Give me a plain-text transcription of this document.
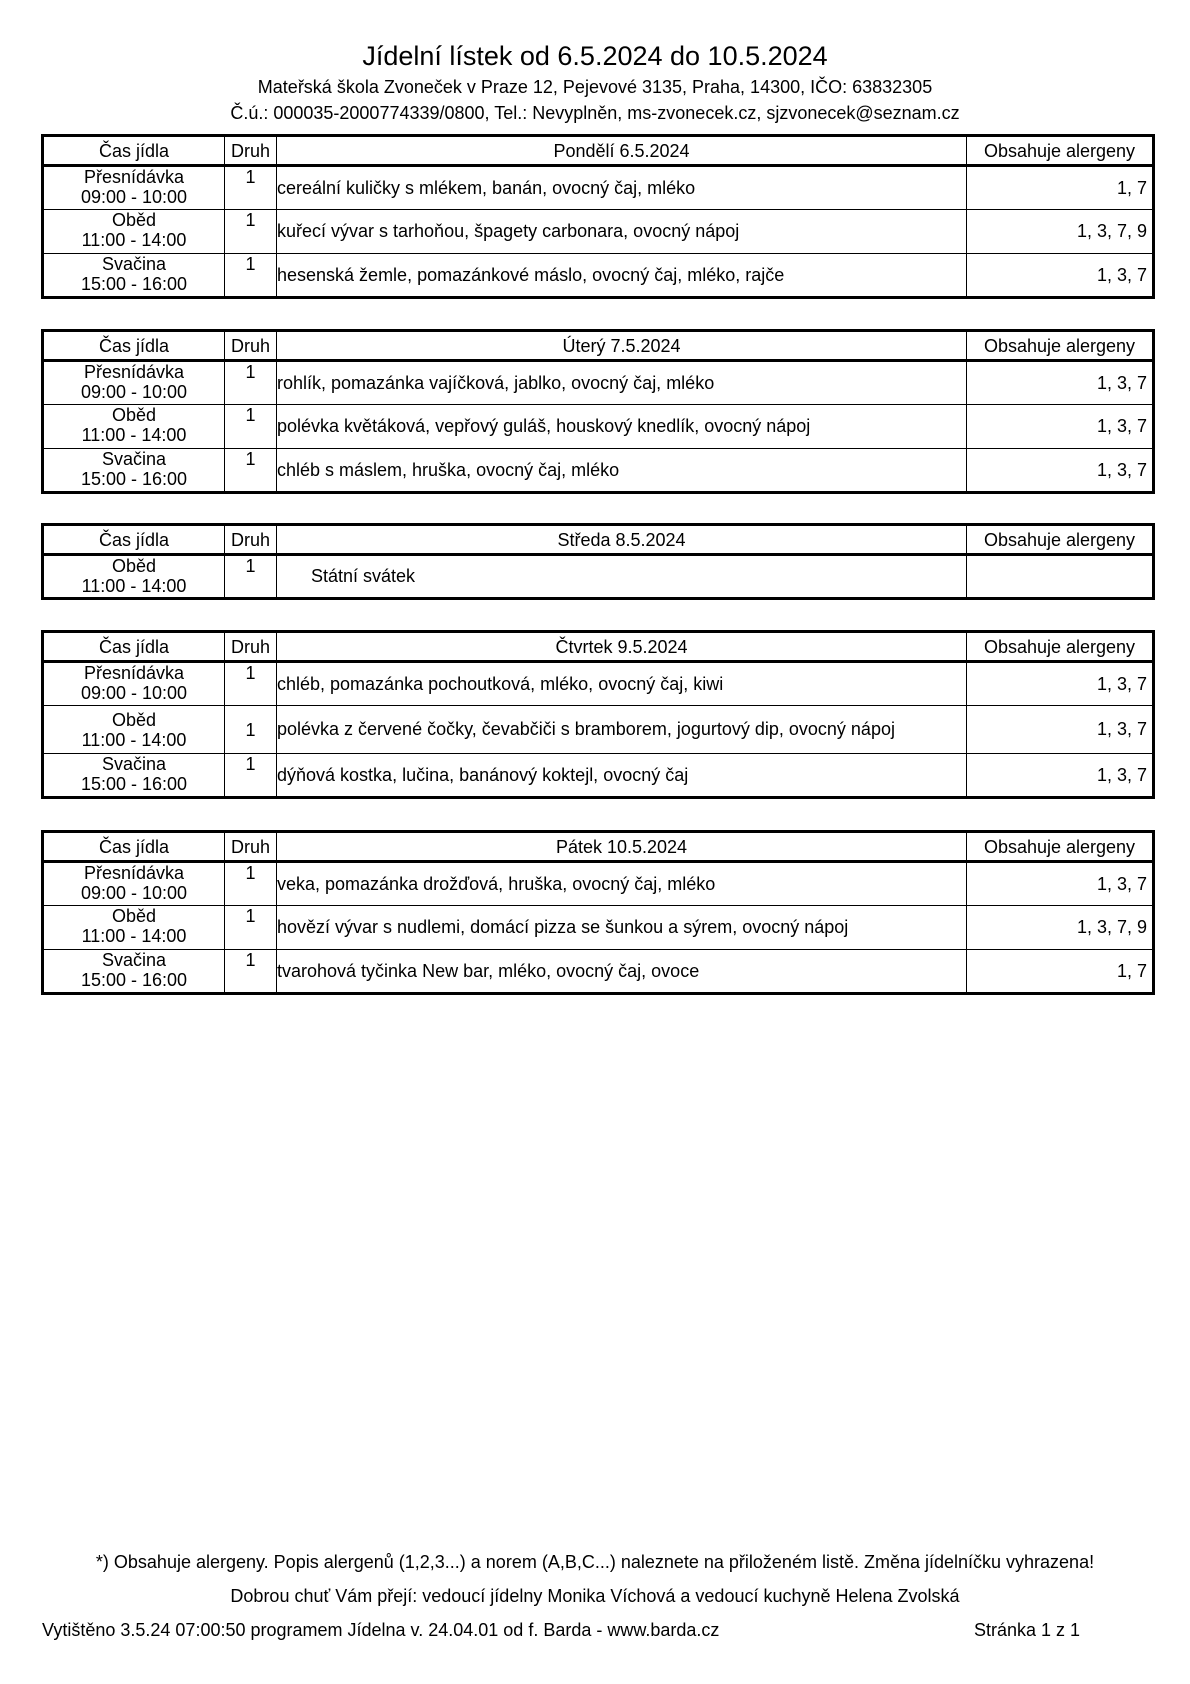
Jídelní lístek od 6.5.2024 do 10.5.2024
Mateřská škola Zvoneček v Praze 12, Pejevové 3135, Praha, 14300, IČO: 63832305
Č.ú.: 000035-2000774339/0800, Tel.: Nevyplněn, ms-zvonecek.cz, sjzvonecek@seznam.cz
Čas jídla	Druh	Pondělí 6.5.2024	Obsahuje alergeny

Přesnídávka
09:00 - 10:00	1	cereální kuličky s mlékem, banán, ovocný čaj, mléko	1, 7

Oběd
11:00 - 14:00	1	kuřecí vývar s tarhoňou, špagety carbonara, ovocný nápoj	1, 3, 7, 9

Svačina
15:00 - 16:00	1	hesenská žemle, pomazánkové máslo, ovocný čaj, mléko, rajče	1, 3, 7
Čas jídla	Druh	Úterý 7.5.2024	Obsahuje alergeny

Přesnídávka
09:00 - 10:00	1	rohlík, pomazánka vajíčková, jablko, ovocný čaj, mléko	1, 3, 7

Oběd
11:00 - 14:00	1	polévka květáková, vepřový guláš, houskový knedlík, ovocný nápoj	1, 3, 7

Svačina
15:00 - 16:00	1	chléb s máslem, hruška, ovocný čaj, mléko	1, 3, 7
Čas jídla	Druh	Středa 8.5.2024	Obsahuje alergeny

Oběd
11:00 - 14:00	1	Státní svátek	
Čas jídla	Druh	Čtvrtek 9.5.2024	Obsahuje alergeny

Přesnídávka
09:00 - 10:00	1	chléb, pomazánka pochoutková, mléko, ovocný čaj, kiwi	1, 3, 7

Oběd
11:00 - 14:00	1	polévka z červené čočky, čevabčiči s bramborem, jogurtový dip, ovocný nápoj	1, 3, 7

Svačina
15:00 - 16:00	1	dýňová kostka, lučina, banánový koktejl, ovocný čaj	1, 3, 7
Čas jídla	Druh	Pátek 10.5.2024	Obsahuje alergeny

Přesnídávka
09:00 - 10:00	1	veka, pomazánka drožďová, hruška, ovocný čaj, mléko	1, 3, 7

Oběd
11:00 - 14:00	1	hovězí vývar s nudlemi, domácí pizza se šunkou a sýrem, ovocný nápoj	1, 3, 7, 9

Svačina
15:00 - 16:00	1	tvarohová tyčinka New bar, mléko, ovocný čaj, ovoce	1, 7
*) Obsahuje alergeny. Popis alergenů (1,2,3...) a norem (A,B,C...) naleznete na přiloženém listě. Změna jídelníčku vyhrazena!
Dobrou chuť Vám přejí: vedoucí jídelny Monika Víchová a vedoucí kuchyně Helena Zvolská
Vytištěno 3.5.24 07:00:50 programem Jídelna v. 24.04.01 od f. Barda - www.barda.cz	Stránka 1 z 1
